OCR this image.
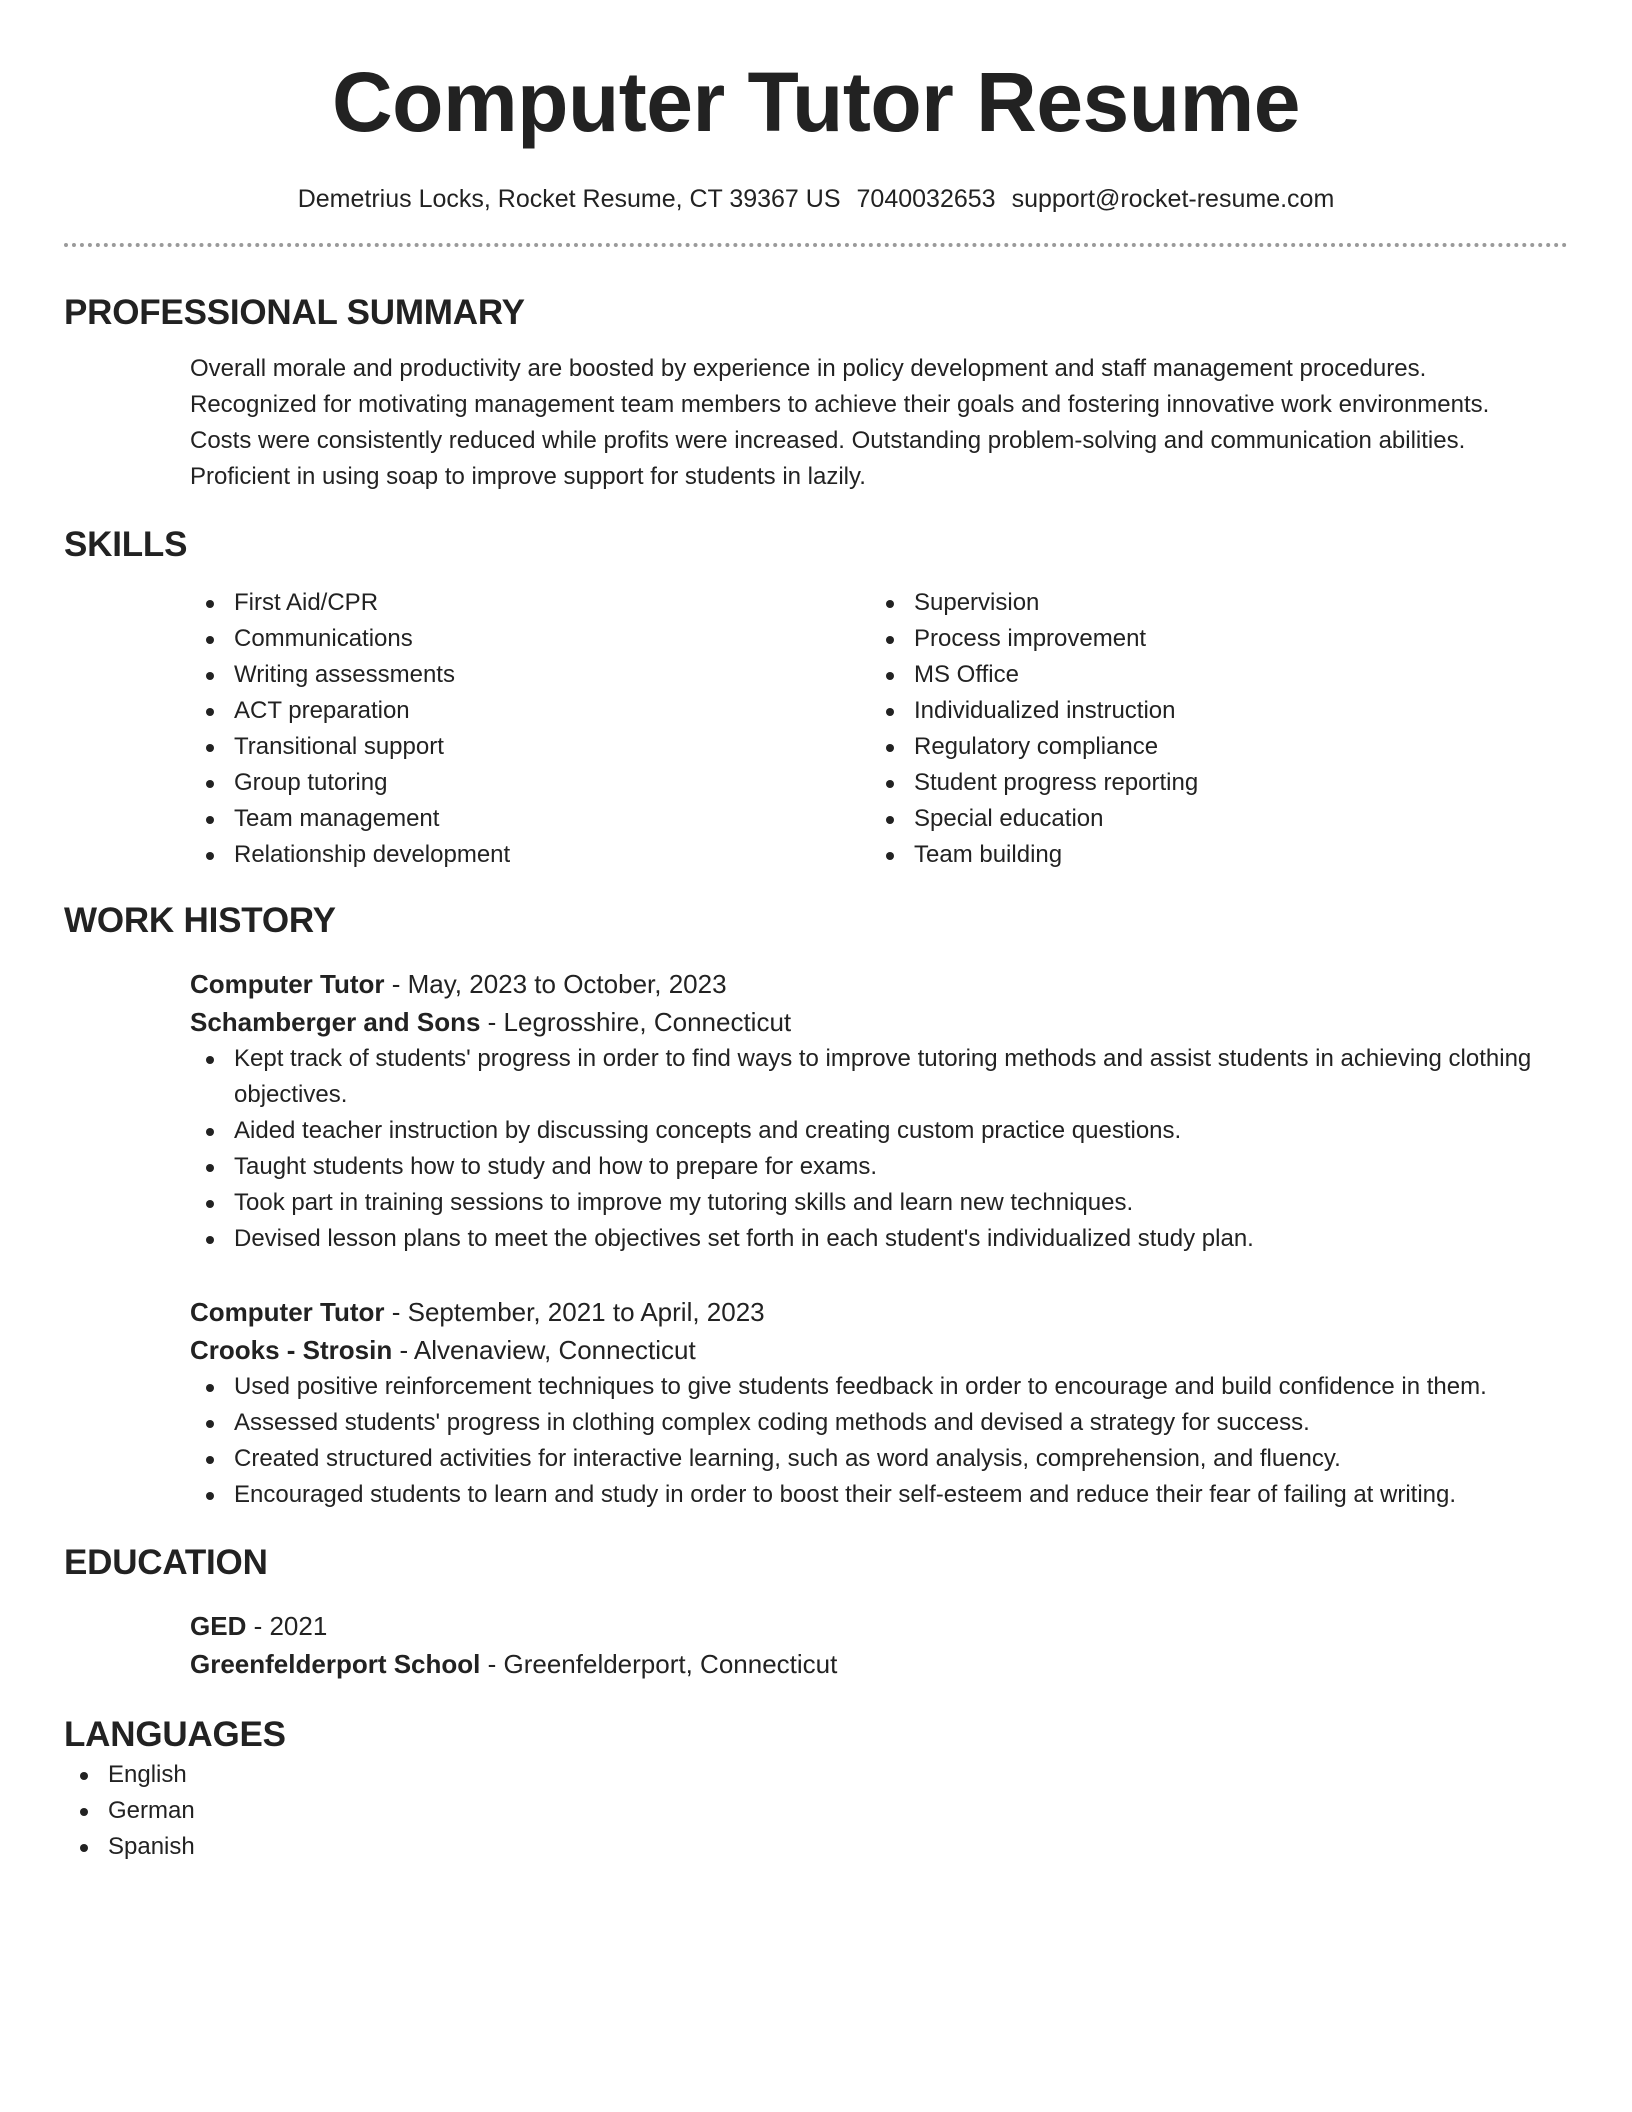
Computer Tutor Resume
Demetrius Locks, Rocket Resume, CT 39367 US 7040032653 support@rocket-resume.com
PROFESSIONAL SUMMARY
Overall morale and productivity are boosted by experience in policy development and staff management procedures.
Recognized for motivating management team members to achieve their goals and fostering innovative work environments.
Costs were consistently reduced while profits were increased. Outstanding problem-solving and communication abilities.
Proficient in using soap to improve support for students in lazily.
SKILLS
First Aid/CPR
Communications
Writing assessments
ACT preparation
Transitional support
Group tutoring
Team management
Relationship development
Supervision
Process improvement
MS Office
Individualized instruction
Regulatory compliance
Student progress reporting
Special education
Team building
WORK HISTORY
Computer Tutor - May, 2023 to October, 2023
Schamberger and Sons - Legrosshire, Connecticut
Kept track of students' progress in order to find ways to improve tutoring methods and assist students in achieving clothing objectives.
Aided teacher instruction by discussing concepts and creating custom practice questions.
Taught students how to study and how to prepare for exams.
Took part in training sessions to improve my tutoring skills and learn new techniques.
Devised lesson plans to meet the objectives set forth in each student's individualized study plan.
Computer Tutor - September, 2021 to April, 2023
Crooks - Strosin - Alvenaview, Connecticut
Used positive reinforcement techniques to give students feedback in order to encourage and build confidence in them.
Assessed students' progress in clothing complex coding methods and devised a strategy for success.
Created structured activities for interactive learning, such as word analysis, comprehension, and fluency.
Encouraged students to learn and study in order to boost their self-esteem and reduce their fear of failing at writing.
EDUCATION
GED - 2021
Greenfelderport School - Greenfelderport, Connecticut
LANGUAGES
English
German
Spanish
